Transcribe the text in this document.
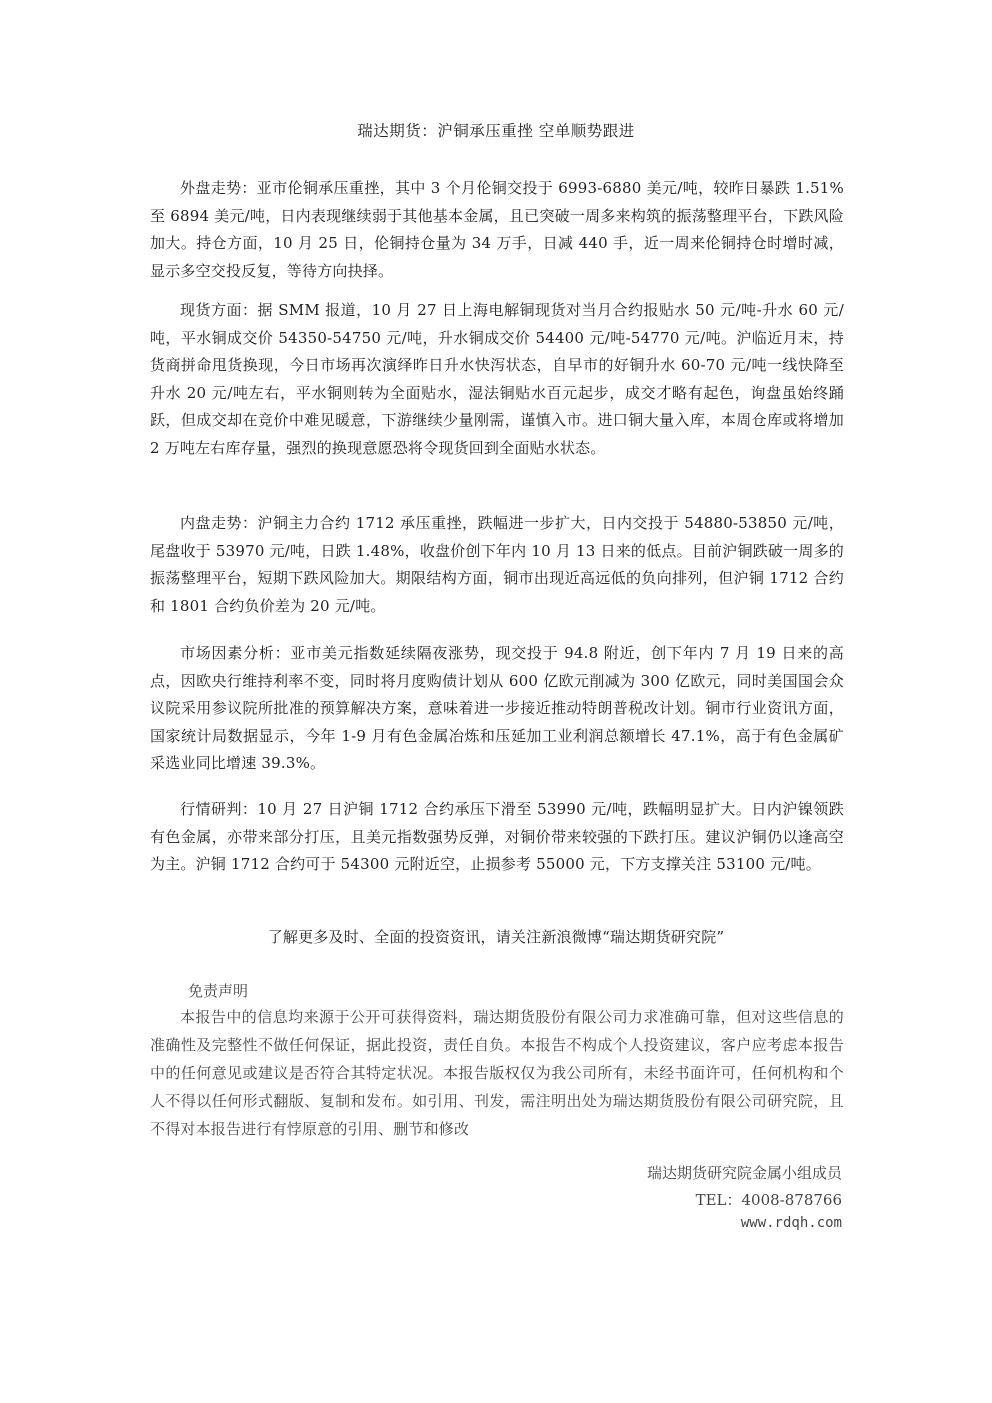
瑞达期货：沪铜承压重挫 空单顺势跟进
外盘走势：亚市伦铜承压重挫，其中 3 个月伦铜交投于 6993-6880 美元/吨，较昨日暴跌 1.51%至 6894 美元/吨，日内表现继续弱于其他基本金属，且已突破一周多来构筑的振荡整理平台，下跌风险加大。持仓方面，10 月 25 日，伦铜持仓量为 34 万手，日减 440 手，近一周来伦铜持仓时增时减，显示多空交投反复，等待方向抉择。
现货方面：据 SMM 报道，10 月 27 日上海电解铜现货对当月合约报贴水 50 元/吨-升水 60 元/吨，平水铜成交价 54350-54750 元/吨，升水铜成交价 54400 元/吨-54770 元/吨。沪临近月末，持货商拼命甩货换现，今日市场再次演绎昨日升水快泻状态，自早市的好铜升水 60-70 元/吨一线快降至升水 20 元/吨左右，平水铜则转为全面贴水，湿法铜贴水百元起步，成交才略有起色，询盘虽始终踊跃，但成交却在竞价中难见暖意，下游继续少量刚需，谨慎入市。进口铜大量入库，本周仓库或将增加 2 万吨左右库存量，强烈的换现意愿恐将令现货回到全面贴水状态。
内盘走势：沪铜主力合约 1712 承压重挫，跌幅进一步扩大，日内交投于 54880-53850 元/吨，尾盘收于 53970 元/吨，日跌 1.48%，收盘价创下年内 10 月 13 日来的低点。目前沪铜跌破一周多的振荡整理平台，短期下跌风险加大。期限结构方面，铜市出现近高远低的负向排列，但沪铜 1712 合约和 1801 合约负价差为 20 元/吨。
市场因素分析：亚市美元指数延续隔夜涨势，现交投于 94.8 附近，创下年内 7 月 19 日来的高点，因欧央行维持利率不变，同时将月度购债计划从 600 亿欧元削减为 300 亿欧元，同时美国国会众议院采用参议院所批准的预算解决方案，意味着进一步接近推动特朗普税改计划。铜市行业资讯方面，国家统计局数据显示，今年 1-9 月有色金属冶炼和压延加工业利润总额增长 47.1%，高于有色金属矿采选业同比增速 39.3%。
行情研判：10 月 27 日沪铜 1712 合约承压下滑至 53990 元/吨，跌幅明显扩大。日内沪镍领跌有色金属，亦带来部分打压，且美元指数强势反弹，对铜价带来较强的下跌打压。建议沪铜仍以逢高空为主。沪铜 1712 合约可于 54300 元附近空，止损参考 55000 元，下方支撑关注 53100 元/吨。
了解更多及时、全面的投资资讯，请关注新浪微博“瑞达期货研究院”
免责声明
本报告中的信息均来源于公开可获得资料，瑞达期货股份有限公司力求准确可靠，但对这些信息的准确性及完整性不做任何保证，据此投资，责任自负。本报告不构成个人投资建议，客户应考虑本报告中的任何意见或建议是否符合其特定状况。本报告版权仅为我公司所有，未经书面许可，任何机构和个人不得以任何形式翻版、复制和发布。如引用、刊发，需注明出处为瑞达期货股份有限公司研究院，且不得对本报告进行有悖原意的引用、删节和修改
瑞达期货研究院金属小组成员
TEL：4008-878766
www.rdqh.com
